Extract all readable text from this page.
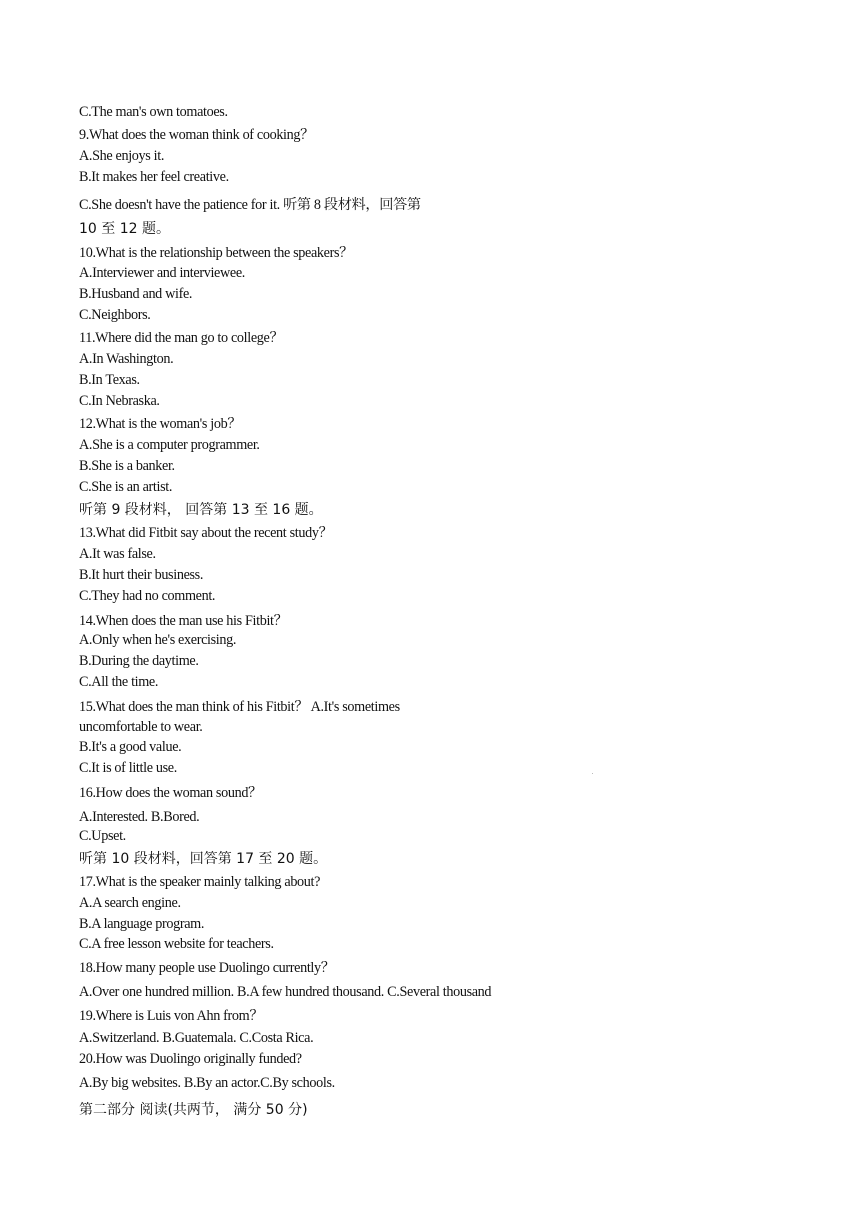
C.The man's own tomatoes.
9.What does the woman think of cooking？
A.She enjoys it.
B.It makes her feel creative.
C.She doesn't have the patience for it. 听第 8 段材料，回答第
10 至 12 题。
10.What is the relationship between the speakers？
A.Interviewer and interviewee.
B.Husband and wife.
C.Neighbors.
11.Where did the man go to college？
A.In Washington.
B.In Texas.
C.In Nebraska.
12.What is the woman's job？
A.She is a computer programmer.
B.She is a banker.
C.She is an artist.
听第 9 段材料， 回答第 13 至 16 题。
13.What did Fitbit say about the recent study？
A.It was false.
B.It hurt their business.
C.They had no comment.
14.When does the man use his Fitbit？
A.Only when he's exercising.
B.During the daytime.
C.All the time.
15.What does the man think of his Fitbit？ A.It's sometimes
uncomfortable to wear.
B.It's a good value.
C.It is of little use.
16.How does the woman sound？
A.Interested. B.Bored.
C.Upset.
听第 10 段材料，回答第 17 至 20 题。
17.What is the speaker mainly talking about?
A.A search engine.
B.A language program.
C.A free lesson website for teachers.
18.How many people use Duolingo currently？
A.Over one hundred million. B.A few hundred thousand. C.Several thousand
19.Where is Luis von Ahn from？
A.Switzerland. B.Guatemala. C.Costa Rica.
20.How was Duolingo originally funded?
A.By big websites. B.By an actor.C.By schools.
第二部分 阅读(共两节， 满分 50 分)
